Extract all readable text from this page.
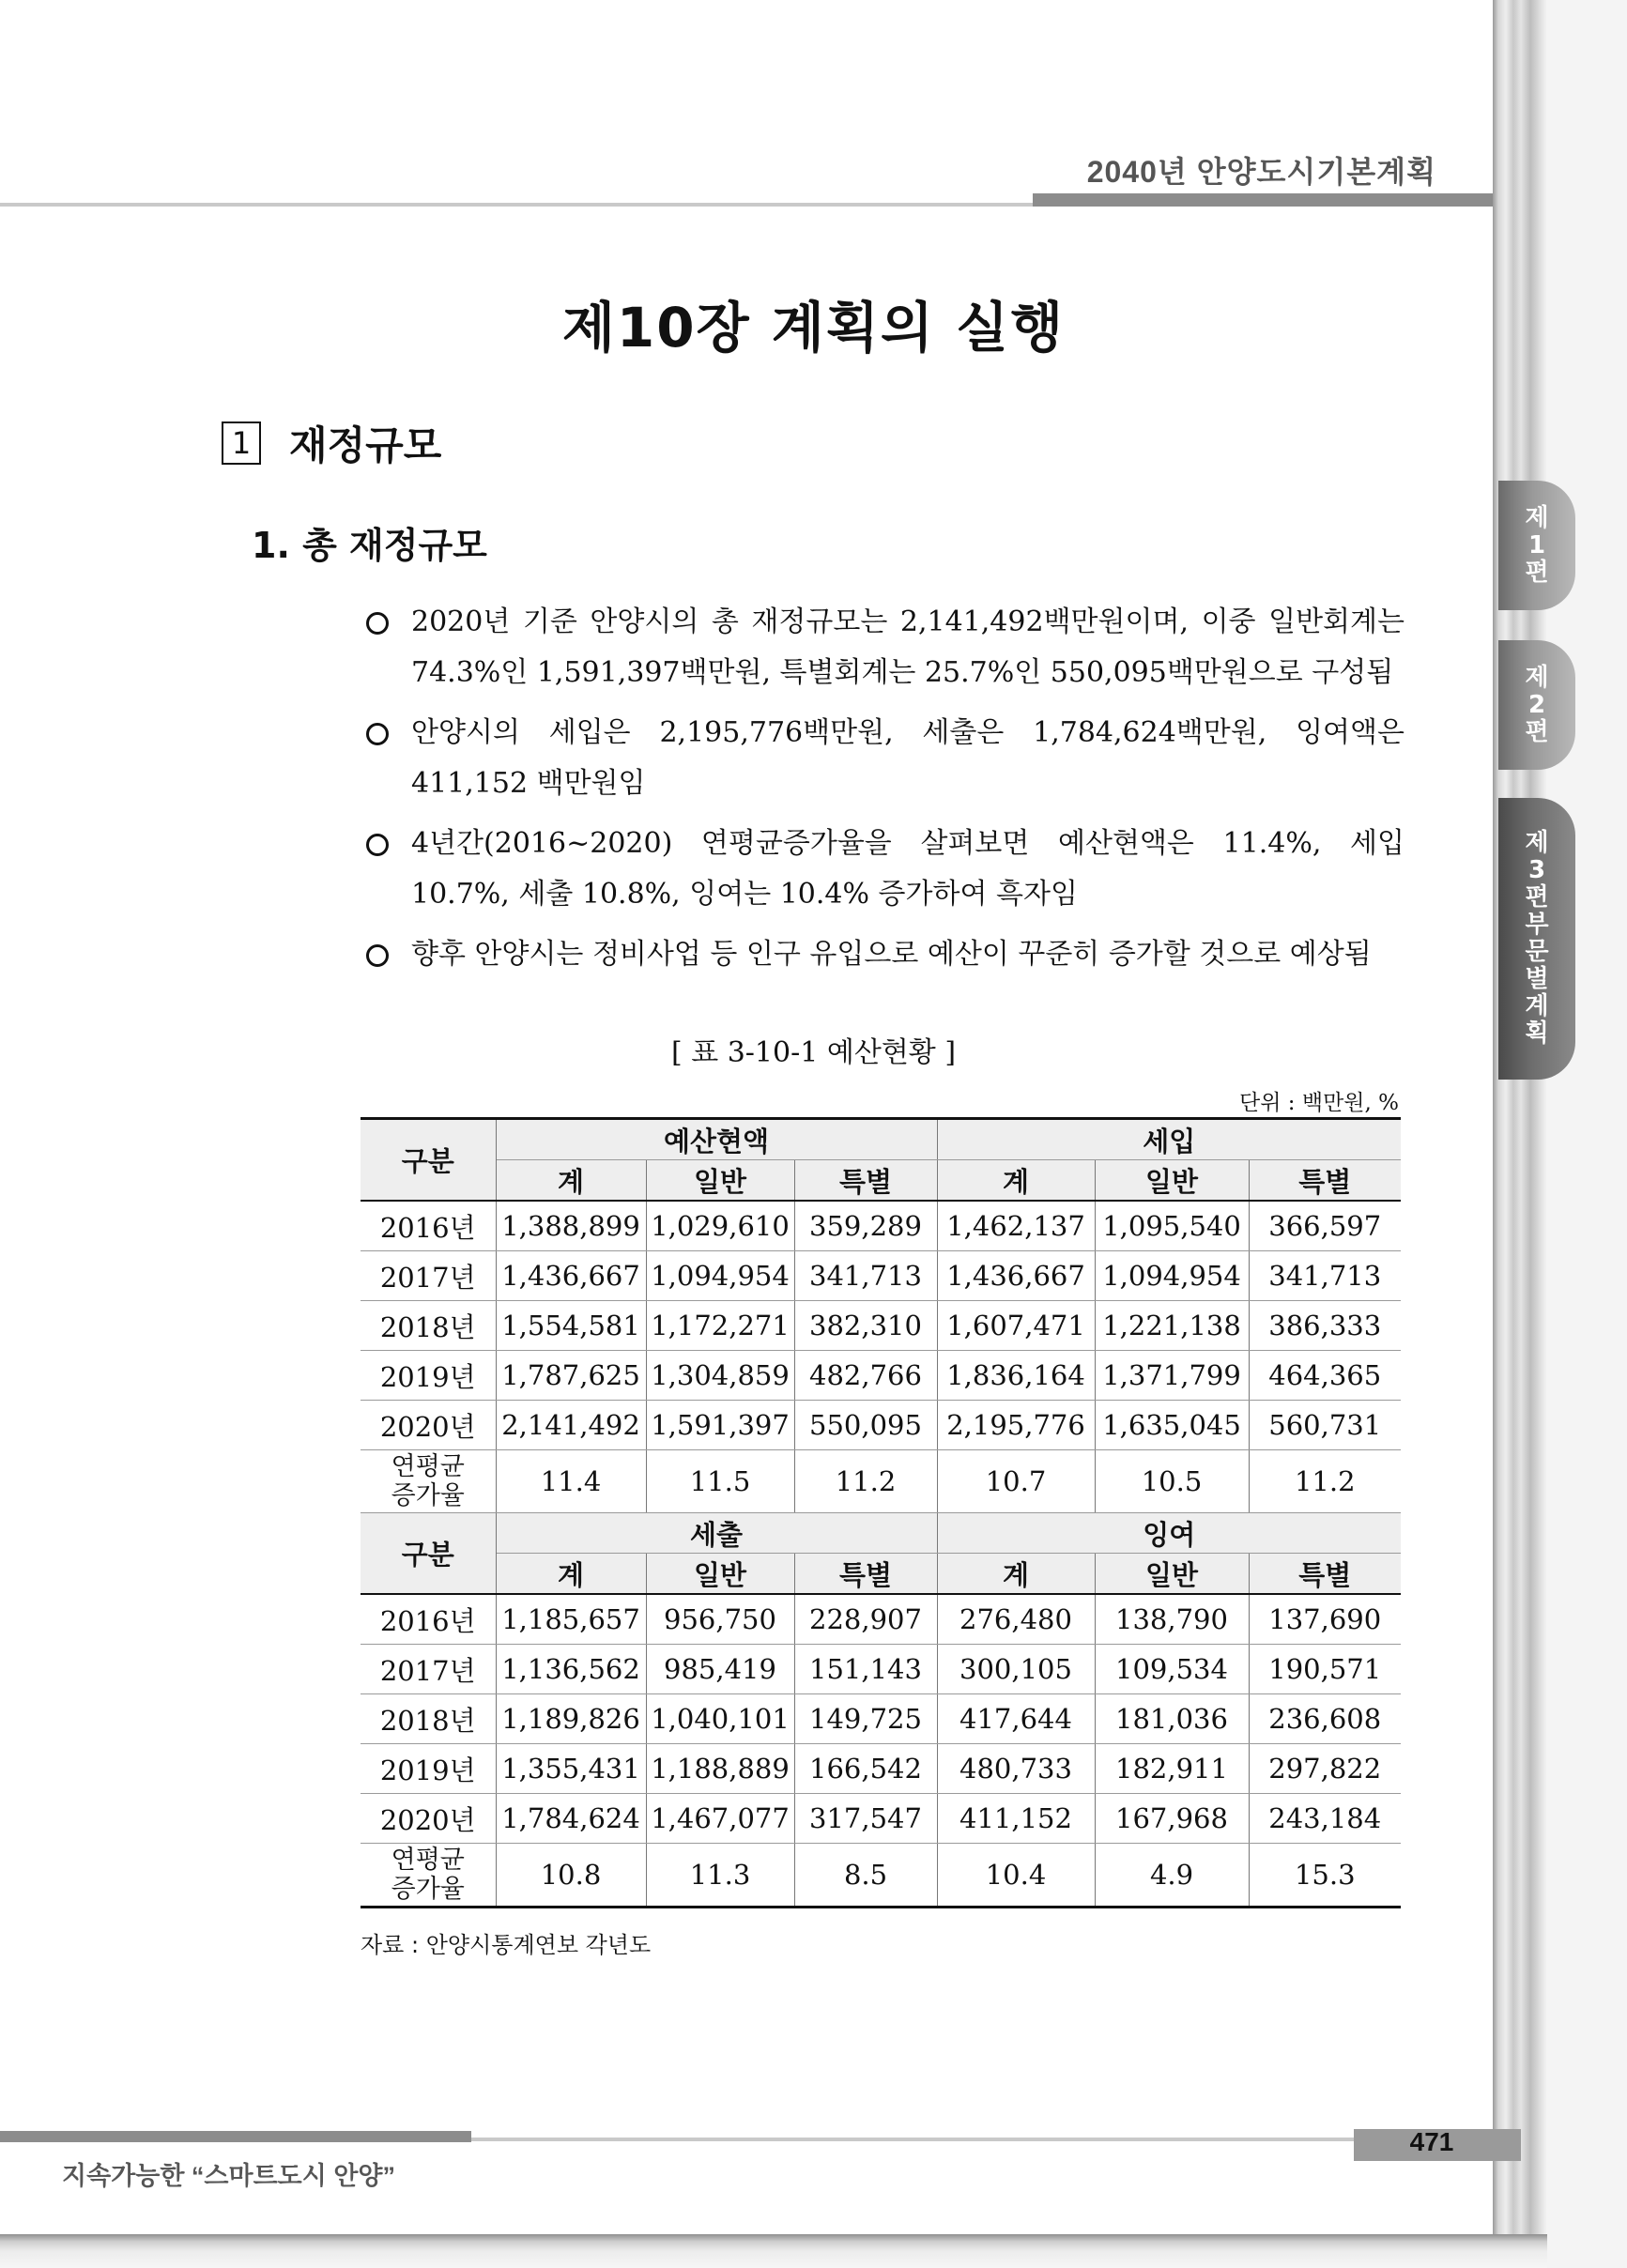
2040년 안양도시기본계획
제1편
제2편
제3편 부문별 계획
제10장 계획의 실행
1 재정규모
1. 총 재정규모
2020년 기준 안양시의 총 재정규모는 2,141,492백만원이며, 이중 일반회계는 74.3%인 1,591,397백만원, 특별회계는 25.7%인 550,095백만원으로 구성됨
안양시의 세입은 2,195,776백만원, 세출은 1,784,624백만원, 잉여액은 411,152 백만원임
4년간(2016~2020) 연평균증가율을 살펴보면 예산현액은 11.4%, 세입 10.7%, 세출 10.8%, 잉여는 10.4% 증가하여 흑자임
향후 안양시는 정비사업 등 인구 유입으로 예산이 꾸준히 증가할 것으로 예상됨
[ 표 3-10-1 예산현황 ]
단위 : 백만원, %
구분	예산현액			세입		
	계	일반	특별	계	일반	특별
2016년	1,388,899	1,029,610	359,289	1,462,137	1,095,540	366,597
2017년	1,436,667	1,094,954	341,713	1,436,667	1,094,954	341,713
2018년	1,554,581	1,172,271	382,310	1,607,471	1,221,138	386,333
2019년	1,787,625	1,304,859	482,766	1,836,164	1,371,799	464,365
2020년	2,141,492	1,591,397	550,095	2,195,776	1,635,045	560,731
연평균
증가율	11.4	11.5	11.2	10.7	10.5	11.2
구분	세출			잉여		
	계	일반	특별	계	일반	특별
2016년	1,185,657	956,750	228,907	276,480	138,790	137,690
2017년	1,136,562	985,419	151,143	300,105	109,534	190,571
2018년	1,189,826	1,040,101	149,725	417,644	181,036	236,608
2019년	1,355,431	1,188,889	166,542	480,733	182,911	297,822
2020년	1,784,624	1,467,077	317,547	411,152	167,968	243,184
연평균
증가율	10.8	11.3	8.5	10.4	4.9	15.3
자료 : 안양시통계연보 각년도
지속가능한 “스마트도시 안양”
471
